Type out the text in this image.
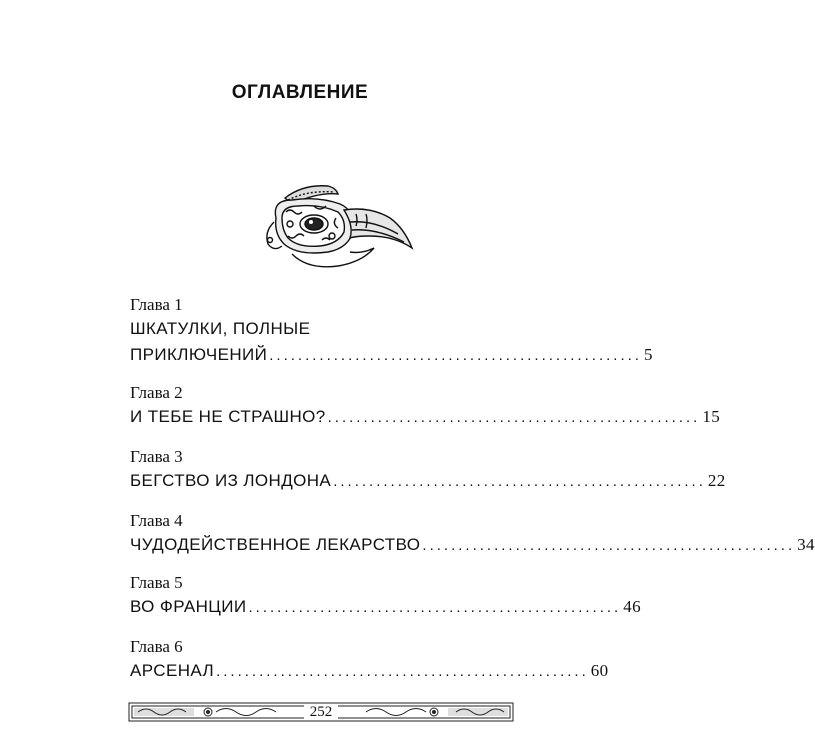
ОГЛАВЛЕНИЕ
Глава 1
ШКАТУЛКИ, ПОЛНЫЕ
ПРИКЛЮЧЕНИЙ .................................................... 5
Глава 2
И ТЕБЕ НЕ СТРАШНО? .................................................... 15
Глава 3
БЕГСТВО ИЗ ЛОНДОНА .................................................... 22
Глава 4
ЧУДОДЕЙСТВЕННОЕ ЛЕКАРСТВО .................................................... 34
Глава 5
ВО ФРАНЦИИ .................................................... 46
Глава 6
АРСЕНАЛ .................................................... 60
252
